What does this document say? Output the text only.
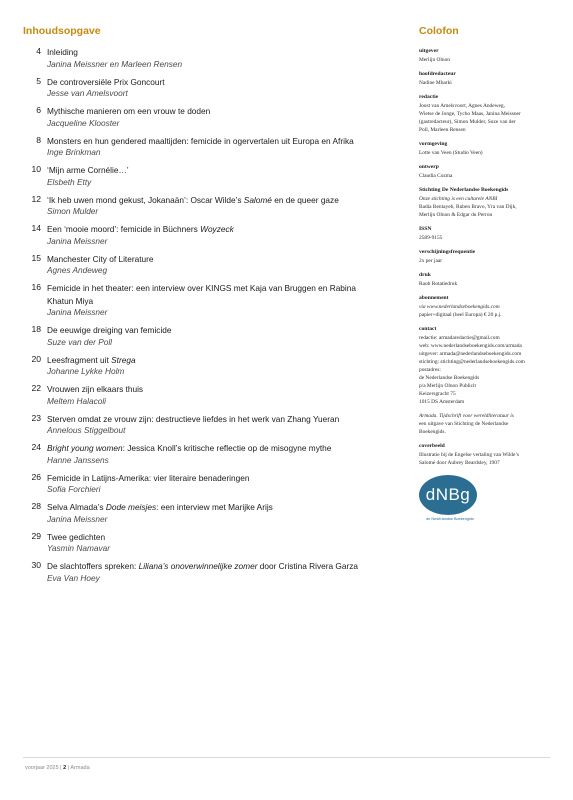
Inhoudsopgave
4 Inleiding
Janina Meissner en Marleen Rensen
5 De controversiële Prix Goncourt
Jesse van Amelsvoort
6 Mythische manieren om een vrouw te doden
Jacqueline Klooster
8 Monsters en hun gendered maaltijden: femicide in ogervertalen uit Europa en Afrika
Inge Brinkman
10 ‘Mijn arme Cornélie…’
Elsbeth Etty
12 ‘Ik heb uwen mond gekust, Jokanaän’: Oscar Wilde’s Salomé en de queer gaze
Simon Mulder
14 Een ‘mooie moord’: femicide in Büchners Woyzeck
Janina Meissner
15 Manchester City of Literature
Agnes Andeweg
16 Femicide in het theater: een interview over KINGS met Kaja van Bruggen en Rabina Khatun Miya
Janina Meissner
18 De eeuwige dreiging van femicide
Suze van der Poll
20 Leesfragment uit Strega
Johanne Lykke Holm
22 Vrouwen zijn elkaars thuis
Meltem Halacoli
23 Sterven omdat ze vrouw zijn: destructieve liefdes in het werk van Zhang Yueran
Annelous Stiggelbout
24 Bright young women: Jessica Knoll’s kritische reflectie op de misogyne mythe
Hanne Janssens
26 Femicide in Latijns-Amerika: vier literaire benaderingen
Sofia Forchieri
28 Selva Almada’s Dode meisjes: een interview met Marijke Arijs
Janina Meissner
29 Twee gedichten
Yasmin Namavar
30 De slachtoffers spreken: Liliana’s onoverwinnelijke zomer door Cristina Rivera Garza
Eva Van Hoey
Colofon
uitgever
Merlijn Olnon
hoofdredacteur
Nadine Mbarki
redactie
Joost van Amelsvoort, Agnes Andeweg,
Wietse de Jonge, Tycho Maas, Janina Meissner
(gastredacteur), Simon Mulder, Suze van der
Poll, Marleen Rensen
vormgeving
Lotte van Veen (Studio Veen)
ontwerp
Claudia Cozma
Stichting De Nederlandse Boekengids
Onze stichting is een culturele ANBI
Badia Bentayeb, Ruben Bravo, Yra van Dijk,
Merlijn Olnon & Edgar du Perron
ISSN
2589-9155
verschijningsfrequentie
2x per jaar
druk
Raob Rotatiedruk
abonnement
via www.nederlandseboekengids.com
papier+digitaal (heel Europa) € 20 p.j.
contact
redactie: armadaredactie@gmail.com
web: www.nederlandseboekengids.com/armada
uitgever: armada@nederlandseboekengids.com
stichting: stichting@nederlandseboekengids.com
postadres:
de Nederlandse Boekengids
p/a Merlijn Olnon Publicit
Keizersgracht 75
1015 DS Amsterdam
Armada. Tijdschrift voor wereldliteratuur is
een uitgave van Stichting de Nederlandse
Boekengids.
coverbeeld
Illustratie bij de Engelse vertaling van Wilde’s
Salomé door Aubrey Beardsley, 1907
dNBg
de Nederlandse Boekengids
voorjaar 2025 | 2 | Armada
